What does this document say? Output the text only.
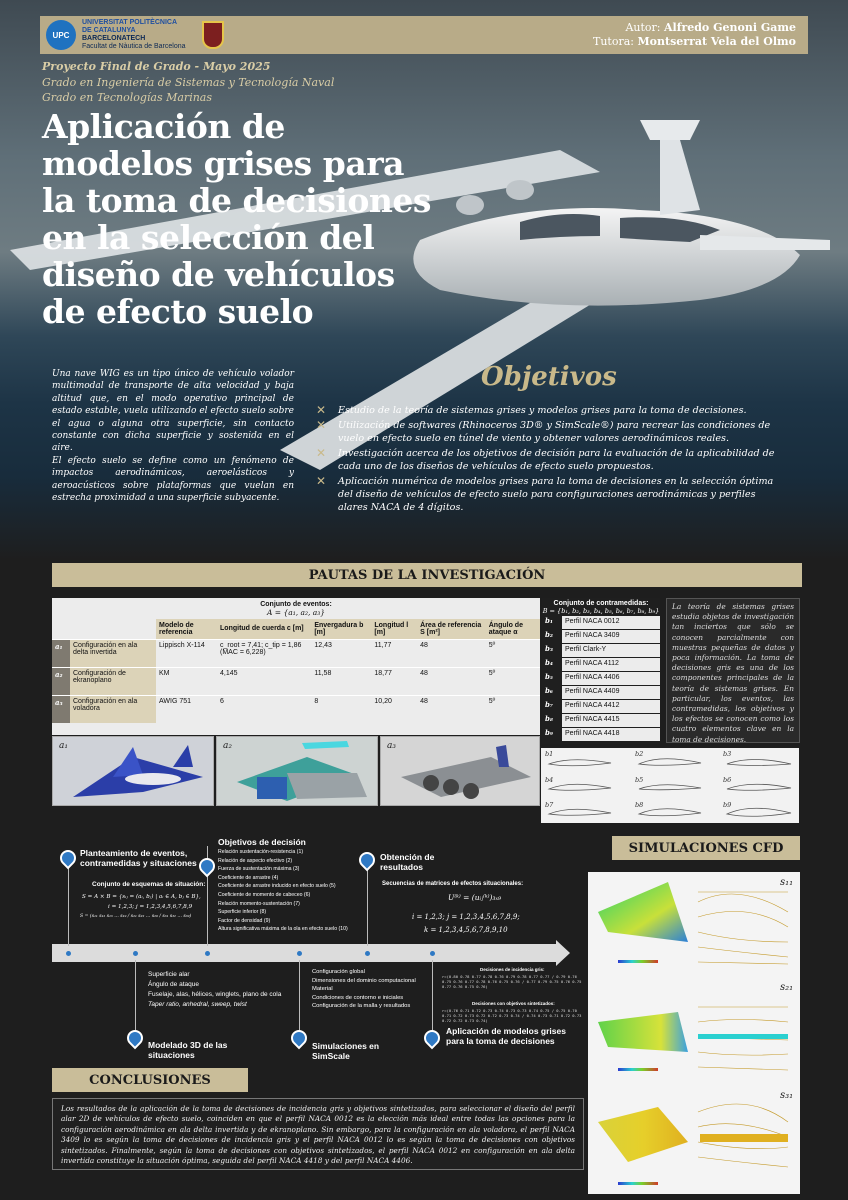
UPC
UNIVERSITAT POLITÈCNICA
DE CATALUNYA
BARCELONATECH
Facultat de Nàutica de Barcelona
Autor: Alfredo Genoni Game
Tutora: Montserrat Vela del Olmo
Proyecto Final de Grado - Mayo 2025
Grado en Ingeniería de Sistemas y Tecnología Naval
Grado en Tecnologías Marinas
Aplicación de modelos grises para la toma de decisiones en la selección del diseño de vehículos de efecto suelo

Una nave WIG es un tipo único de vehículo volador multimodal de transporte de alta velocidad y baja altitud que, en el modo operativo principal de estado estable, vuela utilizando el efecto suelo sobre el agua o alguna otra superficie, sin contacto constante con dicha superficie y sostenida en el aire.

El efecto suelo se define como un fenómeno de impactos aerodinámicos, aeroelásticos y aeroacústicos sobre plataformas que vuelan en estrecha proximidad a una superficie subyacente.

Objetivos
✕ Estudio de la teoría de sistemas grises y modelos grises para la toma de decisiones.
✕ Utilización de softwares (Rhinoceros 3D® y SimScale®) para recrear las condiciones de vuelo en efecto suelo en túnel de viento y obtener valores aerodinámicos reales.
✕ Investigación acerca de los objetivos de decisión para la evaluación de la aplicabilidad de cada uno de los diseños de vehículos de efecto suelo propuestos.
✕ Aplicación numérica de modelos grises para la toma de decisiones en la selección óptima del diseño de vehículos de efecto suelo para configuraciones aerodinámicas y perfiles alares NACA de 4 dígitos.
PAUTAS DE LA INVESTIGACIÓN
Conjunto de eventos:
A = {a₁, a₂, a₃}
		Modelo de referencia	Longitud de cuerda c [m]	Envergadura b [m]	Longitud l [m]	Área de referencia S [m²]	Ángulo de ataque α
a₁	Configuración en ala delta invertida	Lippisch X-114	c_root = 7,41; c_tip = 1,86 (MAC = 6,228)	12,43	11,77	48	5º
a₂	Configuración de ekranoplano	KM	4,145	11,58	18,77	48	5º
a₃	Configuración en ala voladora	AWIG 751	6	8	10,20	48	5º
Conjunto de contramedidas:
B = {b₁, b₂, b₃, b₄, b₅, b₆, b₇, b₈, b₉}
b₁	Perfil NACA 0012
b₂	Perfil NACA 3409
b₃	Perfil Clark-Y
b₄	Perfil NACA 4112
b₅	Perfil NACA 4406
b₆	Perfil NACA 4409
b₇	Perfil NACA 4412
b₈	Perfil NACA 4415
b₉	Perfil NACA 4418
La teoría de sistemas grises estudia objetos de investigación tan inciertos que sólo se conocen parcialmente con muestras pequeñas de datos y poca información. La toma de decisiones gris es una de los componentes principales de la teoría de sistemas grises. En particular, los eventos, las contramedidas, los objetivos y los efectos se conocen como los cuatro elementos clave en la toma de decisiones.
a₁	a₂	a₃
b1	b2	b3
b4	b5	b6
b7	b8	b9
Planteamiento de eventos, contramedidas y situaciones
Conjunto de esquemas de situación:
S = A × B = {sᵢⱼ = (aᵢ, bⱼ) | aᵢ ∈ A, bⱼ ∈ B},
i = 1,2,3; j = 1,2,3,4,5,6,7,8,9
S = (s₁₁ s₁₂ s₁₃ … s₁₉ / s₂₁ s₂₂ … s₂₉ / s₃₁ s₃₂ … s₃₉)
Objetivos de decisión
Relación sustentación-resistencia (1)
Relación de aspecto efectivo (2)
Fuerza de sustentación máxima (3)
Coeficiente de arrastre (4)
Coeficiente de arrastre inducido en efecto suelo (5)
Coeficiente de momento de cabeceo (6)
Relación momento-sustentación (7)
Superficie inferior (8)
Factor de densidad (9)
Altura significativa máxima de la ola en efecto suelo (10)
Obtención de resultados
Secuencias de matrices de efectos situacionales:
U⁽ᵏ⁾ = (uᵢⱼ⁽ᵏ⁾)₃ₓ₉
i = 1,2,3; j = 1,2,3,4,5,6,7,8,9;
k = 1,2,3,4,5,6,7,8,9,10
Superficie alar
Ángulo de ataque
Fuselaje, alas, hélices, winglets, plano de cola
Taper ratio, anhedral, sweep, twist
Modelado 3D de las situaciones
Configuración global
Dimensiones del dominio computacional
Material
Condiciones de contorno e iniciales
Configuración de la malla y resultados
Simulaciones en SimScale
Decisiones de incidencia gris:
r=(0.80 0.78 0.77 0.78 0.76 0.79 0.78 0.77 0.77 / 0.79 0.76 0.75 0.76 0.77 0.78 0.76 0.75 0.76 / 0.77 0.79 0.75 0.76 0.75 0.77 0.76 0.75 0.76)
Decisiones con objetivos sintetizados:
r=(0.76 0.71 0.72 0.73 0.74 0.73 0.73 0.74 0.75 / 0.75 0.70 0.71 0.72 0.73 0.72 0.72 0.73 0.74 / 0.74 0.73 0.71 0.72 0.73 0.72 0.72 0.73 0.74)
Aplicación de modelos grises para la toma de decisiones
SIMULACIONES CFD
s₁₁
s₂₁
s₃₁
CONCLUSIONES
Los resultados de la aplicación de la toma de decisiones de incidencia gris y objetivos sintetizados, para seleccionar el diseño del perfil alar 2D de vehículos de efecto suelo, coinciden en que el perfil NACA 0012 es la elección más ideal entre todas las opciones para la configuración aerodinámica en ala delta invertida y de ekranoplano. Sin embargo, para la configuración en ala voladora, el perfil NACA 3409 lo es según la toma de decisiones de incidencia gris y el perfil NACA 0012 lo es según la toma de decisiones con objetivos sintetizados. Finalmente, según la toma de decisiones con objetivos sintetizados, el perfil NACA 0012 en configuración en ala delta invertida constituye la situación óptima, seguida del perfil NACA 4418 y del perfil NACA 4406.
